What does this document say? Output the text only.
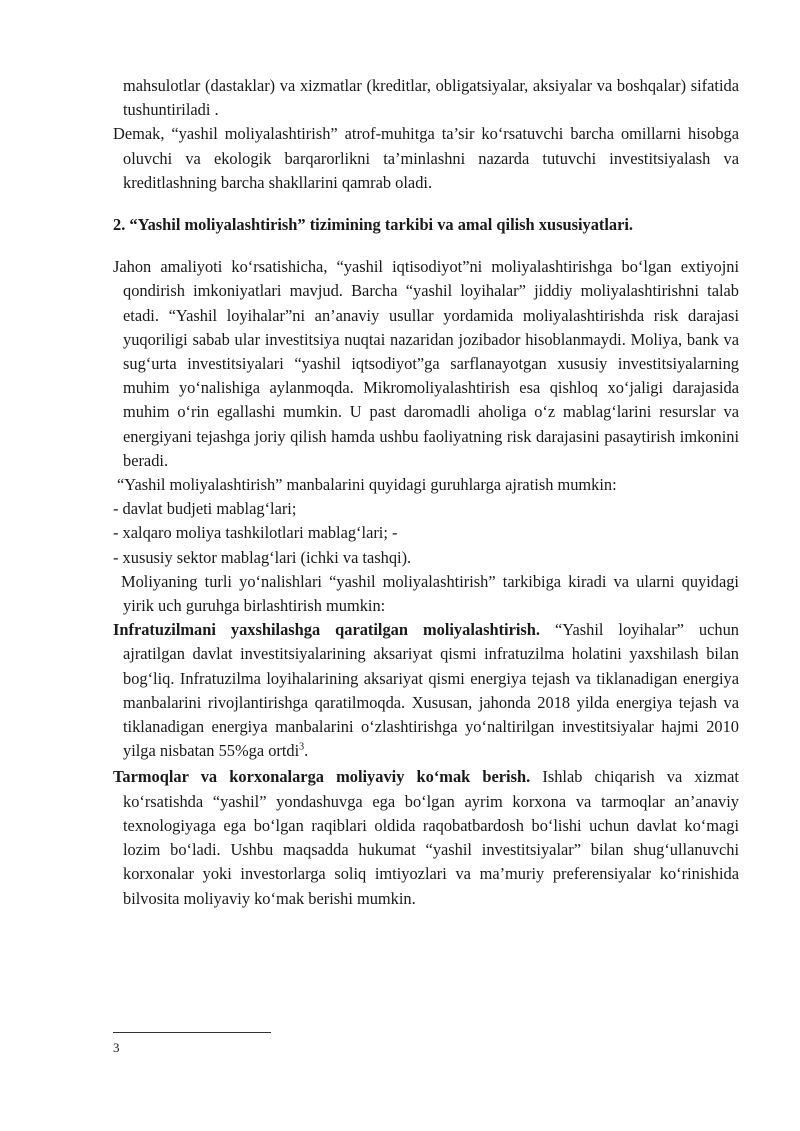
mahsulotlar (dastaklar) va xizmatlar (kreditlar, obligatsiyalar, aksiyalar va boshqalar) sifatida tushuntiriladi .

Demak, “yashil moliyalashtirish” atrof-muhitga ta’sir ko‘rsatuvchi barcha omillarni hisobga oluvchi va ekologik barqarorlikni ta’minlashni nazarda tutuvchi investitsiyalash va kreditlashning barcha shakllarini qamrab oladi.

2. “Yashil moliyalashtirish” tizimining tarkibi va amal qilish xususiyatlari.

Jahon amaliyoti ko‘rsatishicha, “yashil iqtisodiyot”ni moliyalashtirishga bo‘lgan extiyojni qondirish imkoniyatlari mavjud. Barcha “yashil loyihalar” jiddiy moliyalashtirishni talab etadi. “Yashil loyihalar”ni an’anaviy usullar yordamida moliyalashtirishda risk darajasi yuqoriligi sabab ular investitsiya nuqtai nazaridan jozibador hisoblanmaydi. Moliya, bank va sug‘urta investitsiyalari “yashil iqtsodiyot”ga sarflanayotgan xususiy investitsiyalarning muhim yo‘nalishiga aylanmoqda. Mikromoliyalashtirish esa qishloq xo‘jaligi darajasida muhim o‘rin egallashi mumkin. U past daromadli aholiga o‘z mablag‘larini resurslar va energiyani tejashga joriy qilish hamda ushbu faoliyatning risk darajasini pasaytirish imkonini beradi.

“Yashil moliyalashtirish” manbalarini quyidagi guruhlarga ajratish mumkin:

- davlat budjeti mablag‘lari;

- xalqaro moliya tashkilotlari mablag‘lari; -

- xususiy sektor mablag‘lari (ichki va tashqi).

Moliyaning turli yo‘nalishlari “yashil moliyalashtirish” tarkibiga kiradi va ularni quyidagi yirik uch guruhga birlashtirish mumkin:

Infratuzilmani yaxshilashga qaratilgan moliyalashtirish. “Yashil loyihalar” uchun ajratilgan davlat investitsiyalarining aksariyat qismi infratuzilma holatini yaxshilash bilan bog‘liq. Infratuzilma loyihalarining aksariyat qismi energiya tejash va tiklanadigan energiya manbalarini rivojlantirishga qaratilmoqda. Xususan, jahonda 2018 yilda energiya tejash va tiklanadigan energiya manbalarini o‘zlashtirishga yo‘naltirilgan investitsiyalar hajmi 2010 yilga nisbatan 55%ga ortdi$^3$.

Tarmoqlar va korxonalarga moliyaviy ko‘mak berish. Ishlab chiqarish va xizmat ko‘rsatishda “yashil” yondashuvga ega bo‘lgan ayrim korxona va tarmoqlar an’anaviy texnologiyaga ega bo‘lgan raqiblari oldida raqobatbardosh bo‘lishi uchun davlat ko‘magi lozim bo‘ladi. Ushbu maqsadda hukumat “yashil investitsiyalar” bilan shug‘ullanuvchi korxonalar yoki investorlarga soliq imtiyozlari va ma’muriy preferensiyalar ko‘rinishida bilvosita moliyaviy ko‘mak berishi mumkin.

3
